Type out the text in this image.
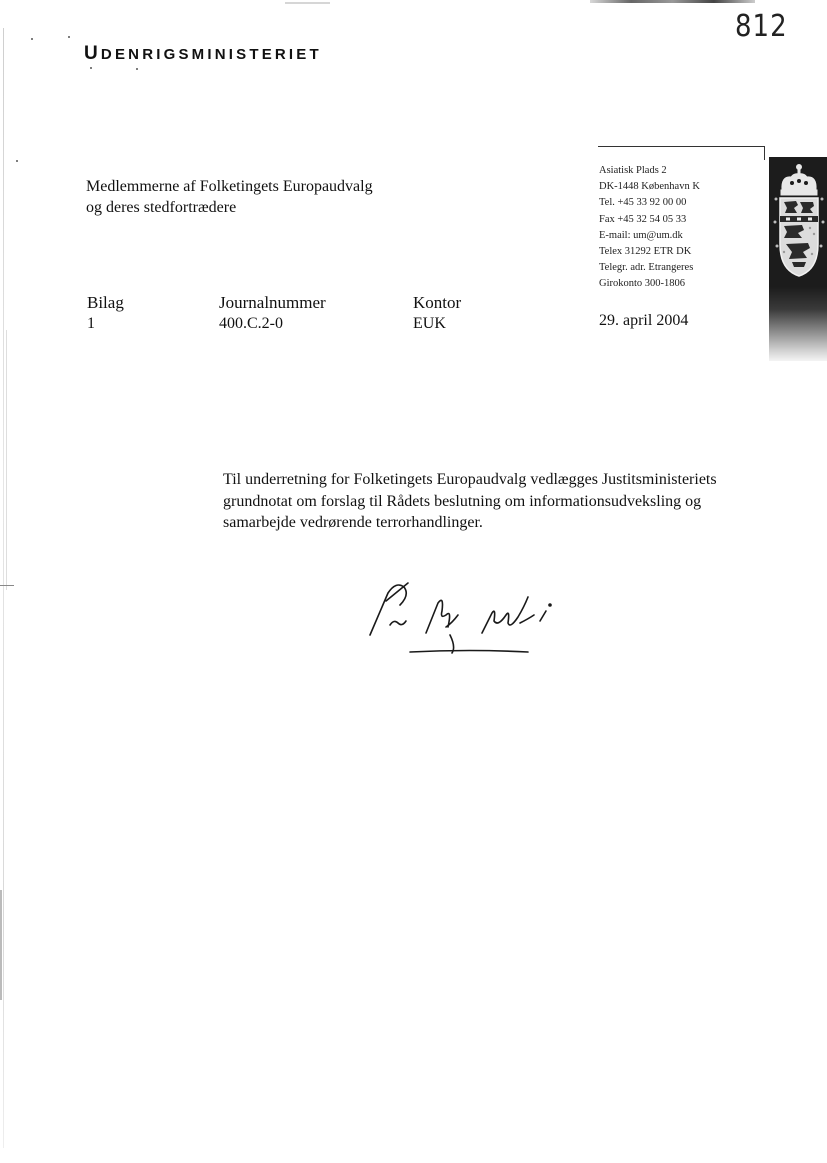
812
UDENRIGSMINISTERIET
Medlemmerne af Folketingets Europaudvalg
og deres stedfortrædere
Asiatisk Plads 2
DK-1448 København K
Tel. +45 33 92 00 00
Fax +45 32 54 05 33
E-mail: um@um.dk
Telex 31292 ETR DK
Telegr. adr. Etrangeres
Girokonto 300-1806
Bilag
1
Journalnummer
400.C.2-0
Kontor
EUK	29. april 2004
Til underretning for Folketingets Europaudvalg vedlægges Justitsministeriets
grundnotat om forslag til Rådets beslutning om informationsudveksling og
samarbejde vedrørende terrorhandlinger.
